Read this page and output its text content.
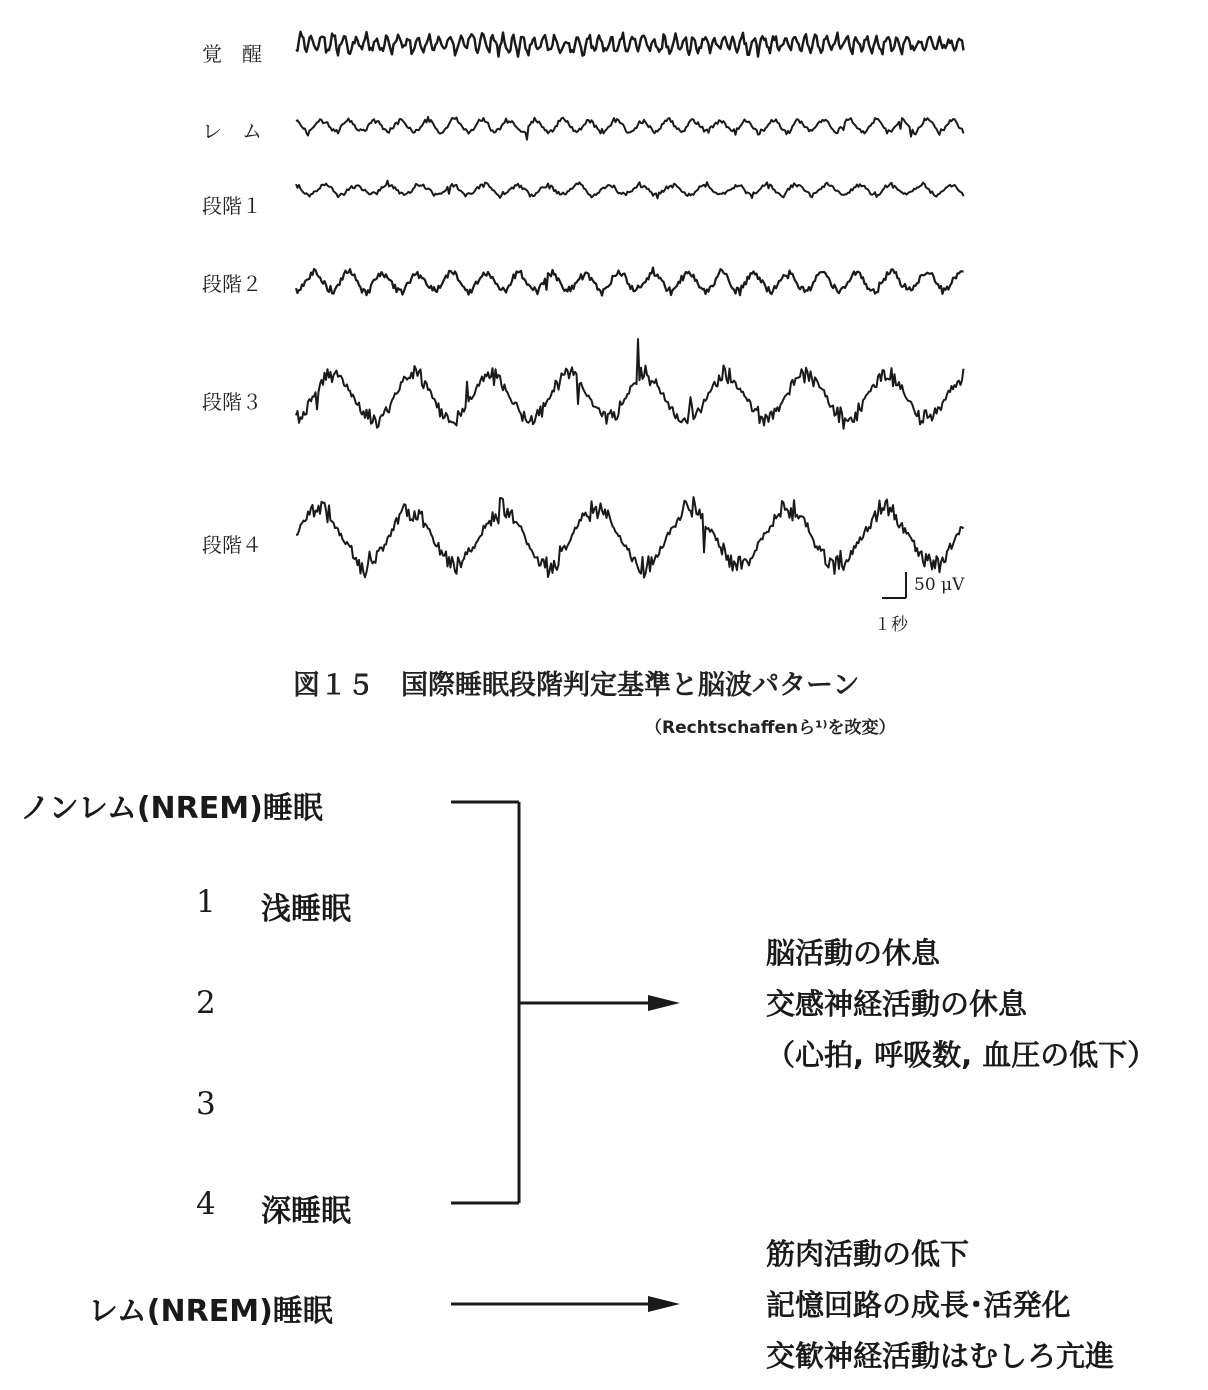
覚　醒
レ　ム
段階１
段階２
段階３
段階４
50 μV
１秒
図１５　国際睡眠段階判定基準と脳波パターン
（Rechtschaffenら¹⁾を改変）
ノンレム(NREM)睡眠
1 浅睡眠
2
3
4 深睡眠
脳活動の休息
交感神経活動の休息
（心拍, 呼吸数, 血圧の低下）
レム(NREM)睡眠
筋肉活動の低下
記憶回路の成長･活発化
交歓神経活動はむしろ亢進
